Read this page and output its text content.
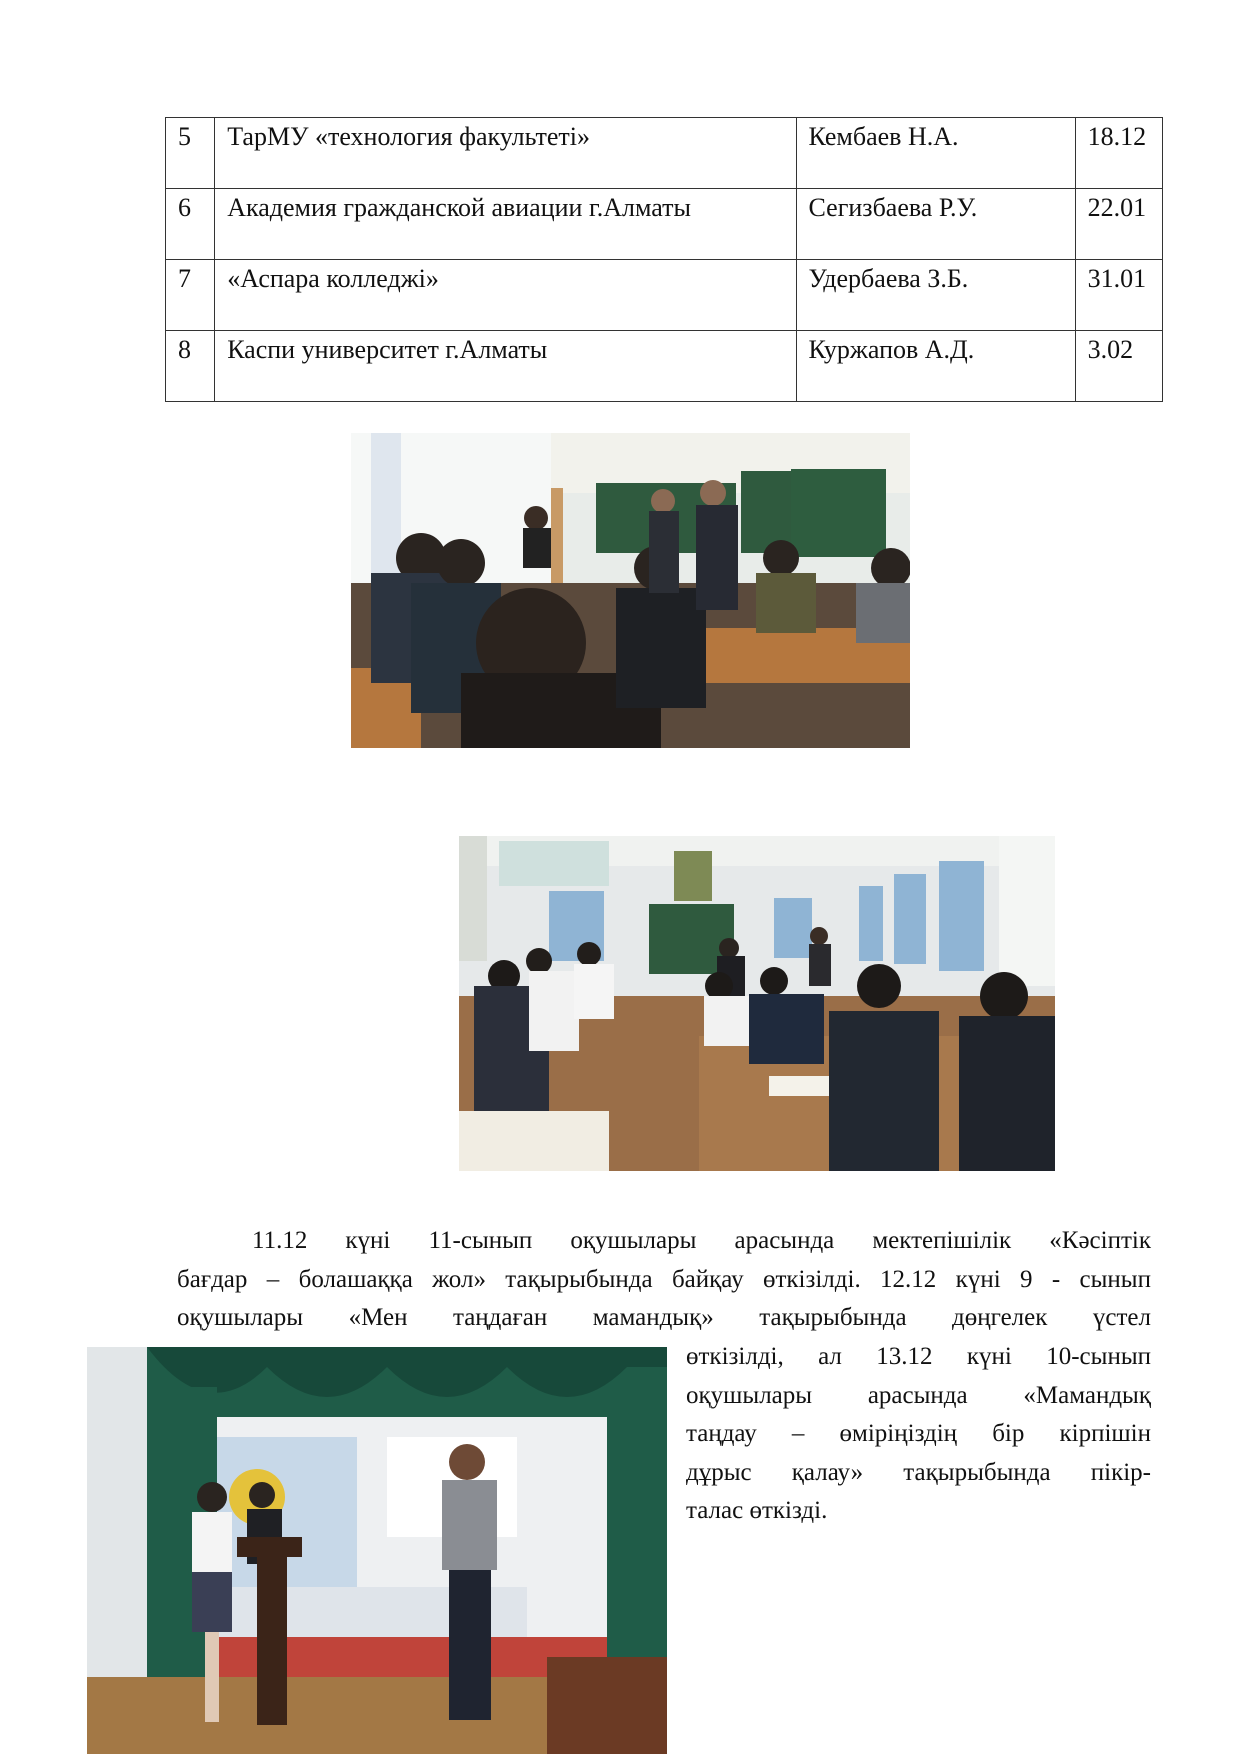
5	ТарМУ «технология факультеті»	Кембаев Н.А.	18.12
6	Академия гражданской авиации г.Алматы	Сегизбаева Р.У.	22.01
7	«Аспара колледжі»	Удербаева З.Б.	31.01
8	Каспи университет г.Алматы	Куржапов А.Д.	3.02
11.12 күні 11-сынып оқушылары арасында мектепішілік «Кәсіптік
бағдар – болашаққа жол» тақырыбында байқау өткізілді. 12.12 күні 9 - сынып
оқушылары «Мен таңдаған мамандық» тақырыбында дөңгелек үстел
өткізілді, ал 13.12 күні 10-сынып
оқушылары арасында «Мамандық
таңдау – өміріңіздің бір кірпішін
дұрыс қалау» тақырыбында пікір-
талас өткізді.
